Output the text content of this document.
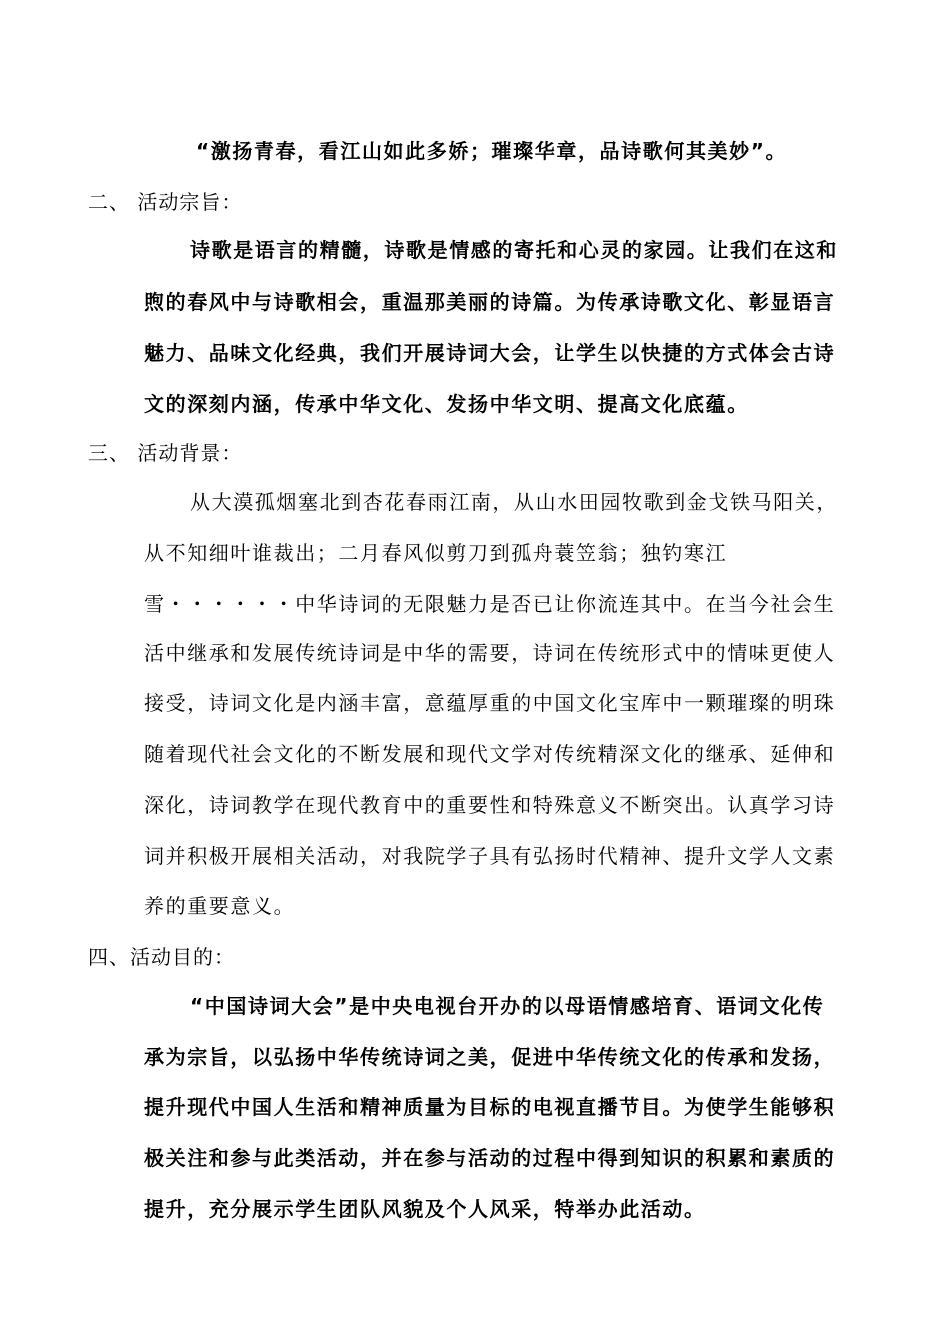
“激扬青春，看江山如此多娇；璀璨华章，品诗歌何其美妙”。
二、 活动宗旨：
诗歌是语言的精髓，诗歌是情感的寄托和心灵的家园。让我们在这和
煦的春风中与诗歌相会，重温那美丽的诗篇。为传承诗歌文化、彰显语言
魅力、品味文化经典，我们开展诗词大会，让学生以快捷的方式体会古诗
文的深刻内涵，传承中华文化、发扬中华文明、提高文化底蕴。
三、 活动背景：
从大漠孤烟塞北到杏花春雨江南，从山水田园牧歌到金戈铁马阳关，
从不知细叶谁裁出；二月春风似剪刀到孤舟蓑笠翁；独钓寒江
雪・・・・・・中华诗词的无限魅力是否已让你流连其中。在当今社会生
活中继承和发展传统诗词是中华的需要，诗词在传统形式中的情味更使人
接受，诗词文化是内涵丰富，意蕴厚重的中国文化宝库中一颗璀璨的明珠
随着现代社会文化的不断发展和现代文学对传统精深文化的继承、延伸和
深化，诗词教学在现代教育中的重要性和特殊意义不断突出。认真学习诗
词并积极开展相关活动，对我院学子具有弘扬时代精神、提升文学人文素
养的重要意义。
四、活动目的：
“中国诗词大会”是中央电视台开办的以母语情感培育、语词文化传
承为宗旨，以弘扬中华传统诗词之美，促进中华传统文化的传承和发扬，
提升现代中国人生活和精神质量为目标的电视直播节目。为使学生能够积
极关注和参与此类活动，并在参与活动的过程中得到知识的积累和素质的
提升，充分展示学生团队风貌及个人风采，特举办此活动。
